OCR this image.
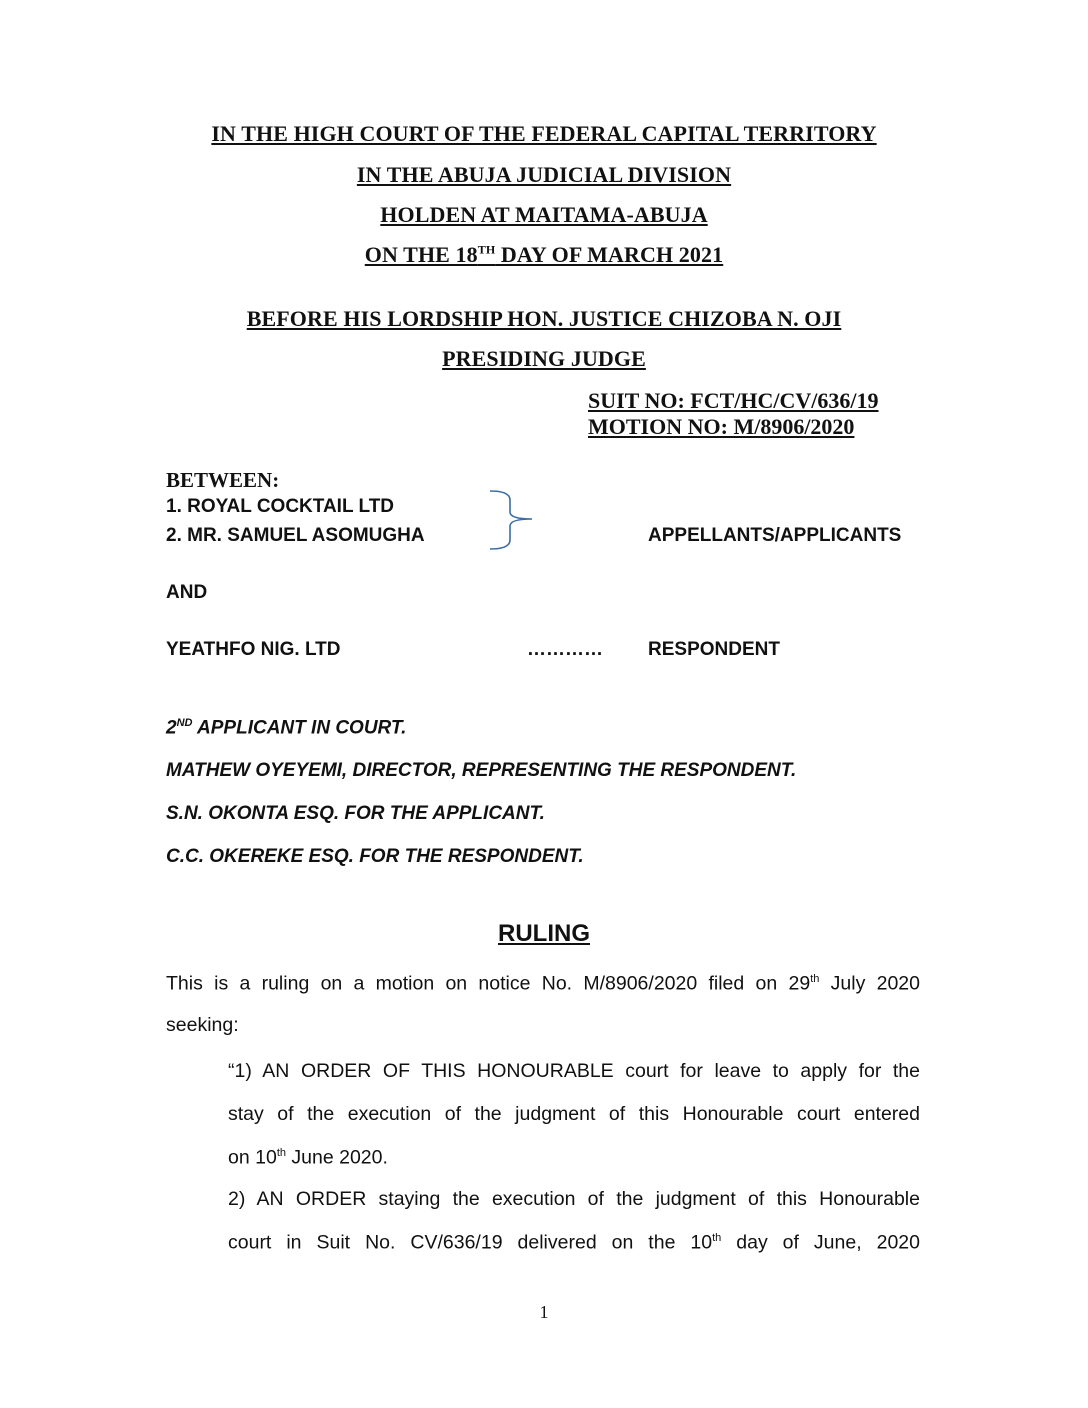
IN THE HIGH COURT OF THE FEDERAL CAPITAL TERRITORY
IN THE ABUJA JUDICIAL DIVISION
HOLDEN AT MAITAMA-ABUJA
ON THE 18TH DAY OF MARCH 2021
BEFORE HIS LORDSHIP HON. JUSTICE CHIZOBA N. OJI
PRESIDING JUDGE
SUIT NO: FCT/HC/CV/636/19
MOTION NO: M/8906/2020
BETWEEN:
1. ROYAL COCKTAIL LTD
2. MR. SAMUEL ASOMUGHA	APPELLANTS/APPLICANTS
AND
YEATHFO NIG. LTD	………… RESPONDENT
2ND APPLICANT IN COURT.
MATHEW OYEYEMI, DIRECTOR, REPRESENTING THE RESPONDENT.
S.N. OKONTA ESQ. FOR THE APPLICANT.
C.C. OKEREKE ESQ. FOR THE RESPONDENT.
RULING
This is a ruling on a motion on notice No. M/8906/2020 filed on 29th July 2020
seeking:
“1) AN ORDER OF THIS HONOURABLE court for leave to apply for the
stay of the execution of the judgment of this Honourable court entered
on 10th June 2020.
2) AN ORDER staying the execution of the judgment of this Honourable
court in Suit No. CV/636/19 delivered on the 10th day of June, 2020
1
